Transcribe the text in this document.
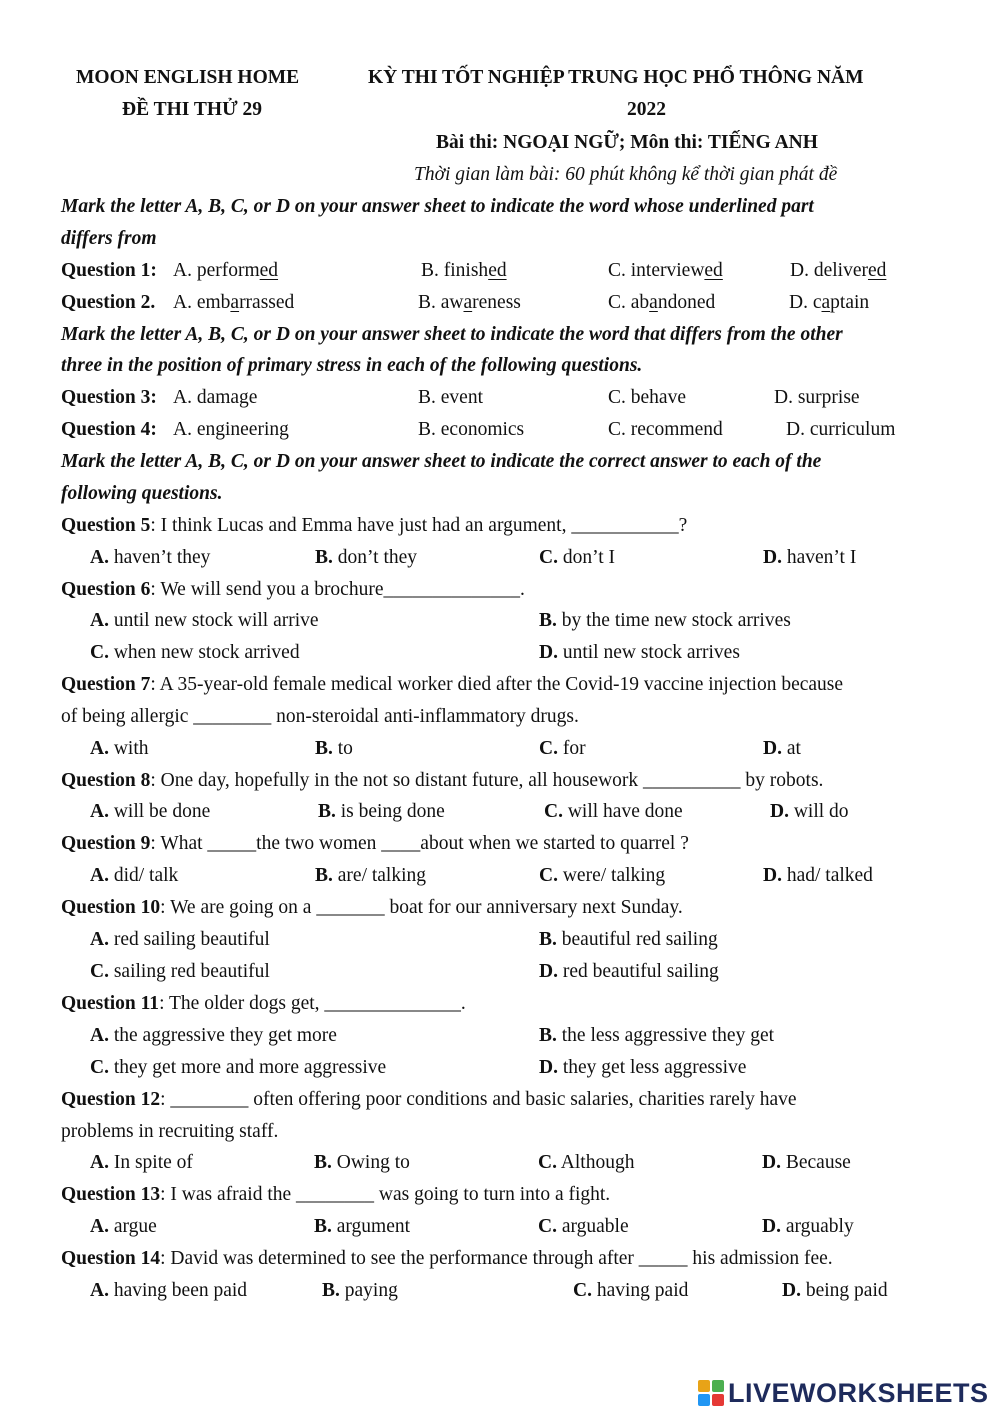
MOON ENGLISH HOME
ĐỀ THI THỬ 29
KỲ THI TỐT NGHIỆP TRUNG HỌC PHỔ THÔNG NĂM
2022
Bài thi: NGOẠI NGỮ; Môn thi: TIẾNG ANH
Thời gian làm bài: 60 phút không kể thời gian phát đề
Mark the letter A, B, C, or D on your answer sheet to indicate the word whose underlined part
differs from
Question 1: A. performed	B. finished	C. interviewed	D. delivered
Question 2. A. embarrassed	B. awareness	C. abandoned	D. captain
Mark the letter A, B, C, or D on your answer sheet to indicate the word that differs from the other
three in the position of primary stress in each of the following questions.
Question 3: A. damage	B. event	C. behave	D. surprise
Question 4: A. engineering	B. economics	C. recommend	D. curriculum
Mark the letter A, B, C, or D on your answer sheet to indicate the correct answer to each of the
following questions.
Question 5: I think Lucas and Emma have just had an argument, ___________?
A. haven’t they	B. don’t they	C. don’t I	D. haven’t I
Question 6: We will send you a brochure______________.
A. until new stock will arrive	B. by the time new stock arrives
C. when new stock arrived	D. until new stock arrives
Question 7: A 35-year-old female medical worker died after the Covid-19 vaccine injection because
of being allergic ________ non-steroidal anti-inflammatory drugs.
A. with	B. to	C. for	D. at
Question 8: One day, hopefully in the not so distant future, all housework __________ by robots.
A. will be done	B. is being done	C. will have done	D. will do
Question 9: What _____the two women ____about when we started to quarrel ?
A. did/ talk	B. are/ talking	C. were/ talking	D. had/ talked
Question 10: We are going on a _______ boat for our anniversary next Sunday.
A. red sailing beautiful	B. beautiful red sailing
C. sailing red beautiful	D. red beautiful sailing
Question 11: The older dogs get, ______________.
A. the aggressive they get more	B. the less aggressive they get
C. they get more and more aggressive	D. they get less aggressive
Question 12: ________ often offering poor conditions and basic salaries, charities rarely have
problems in recruiting staff.
A. In spite of	B. Owing to	C. Although	D. Because
Question 13: I was afraid the ________ was going to turn into a fight.
A. argue	B. argument	C. arguable	D. arguably
Question 14: David was determined to see the performance through after _____ his admission fee.
A. having been paid	B. paying	C. having paid	D. being paid
LIVEWORKSHEETS
